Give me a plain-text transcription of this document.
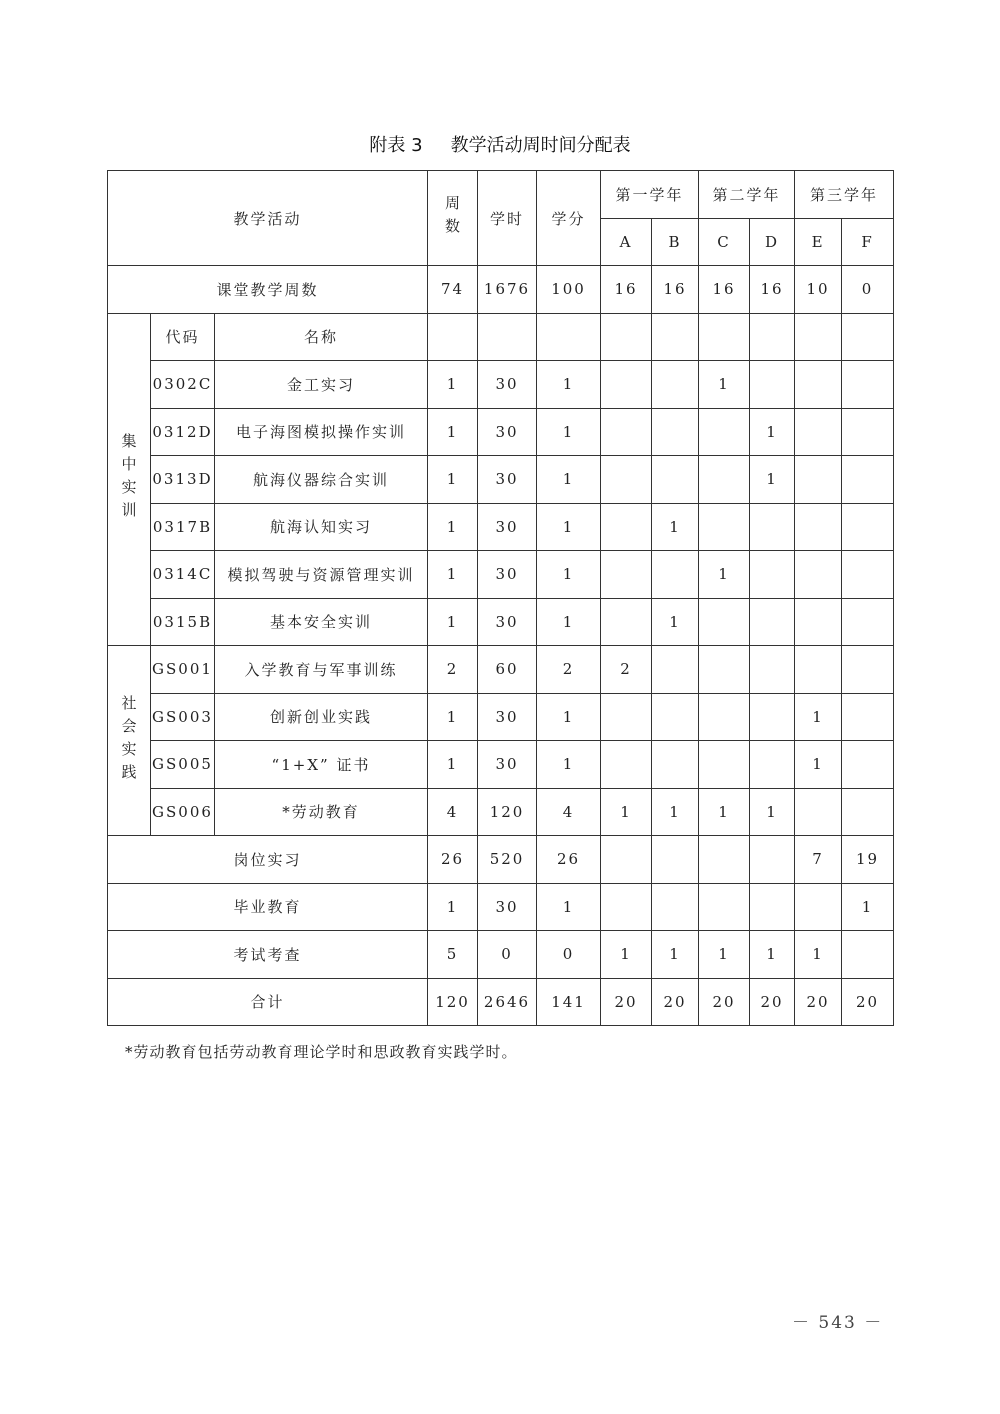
附表 3 教学活动周时间分配表
教学活动			周数	学时	学分	第一学年		第二学年		第三学年	
						A	B	C	D	E	F
课堂教学周数			74	1676	100	16	16	16	16	10	0
集中实训	代码	名称									
	0302C	金工实习	1	30	1			1			
	0312D	电子海图模拟操作实训	1	30	1				1		
	0313D	航海仪器综合实训	1	30	1				1		
	0317B	航海认知实习	1	30	1		1				
	0314C	模拟驾驶与资源管理实训	1	30	1			1			
	0315B	基本安全实训	1	30	1		1				
社会实践	GS001	入学教育与军事训练	2	60	2	2					
	GS003	创新创业实践	1	30	1					1	
	GS005	“1+X” 证书	1	30	1					1	
	GS006	*劳动教育	4	120	4	1	1	1	1		
岗位实习			26	520	26					7	19
毕业教育			1	30	1						1
考试考查			5	0	0	1	1	1	1	1	
合计			120	2646	141	20	20	20	20	20	20
*劳动教育包括劳动教育理论学时和思政教育实践学时。
－ 543 －
